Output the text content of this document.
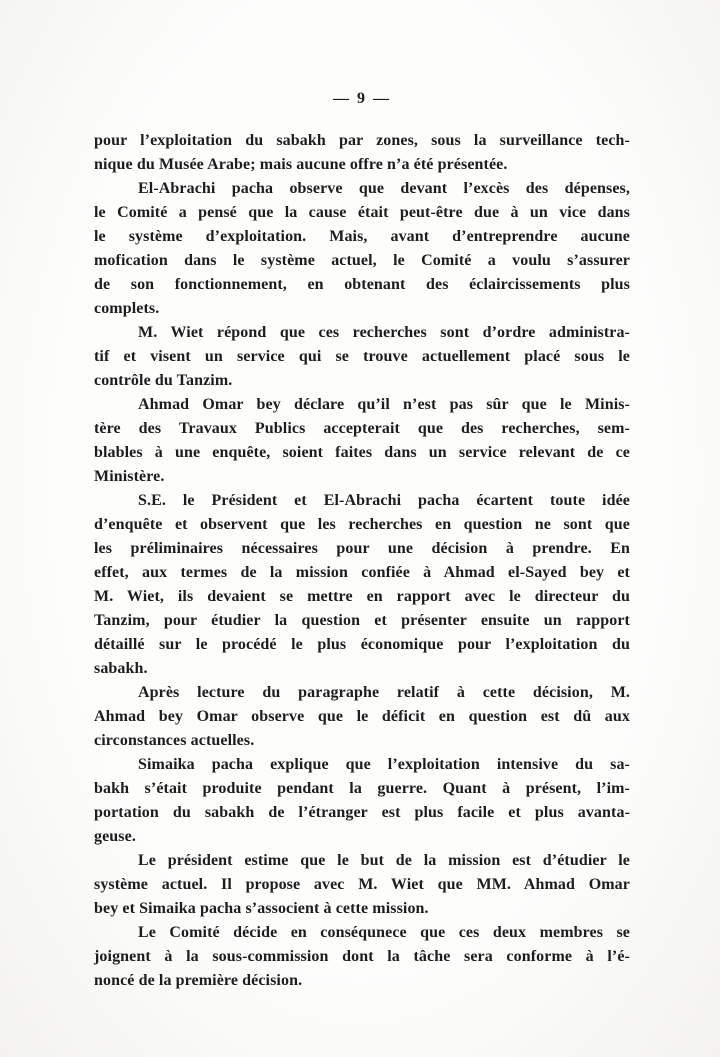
— 9 —
pour l’exploitation du sabakh par zones, sous la surveillance tech-
nique du Musée Arabe; mais aucune offre n’a été présentée.
El-Abrachi pacha observe que devant l’excès des dépenses,
le Comité a pensé que la cause était peut-être due à un vice dans
le système d’exploitation. Mais, avant d’entreprendre aucune
mofication dans le système actuel, le Comité a voulu s’assurer
de son fonctionnement, en obtenant des éclaircissements plus
complets.
M. Wiet répond que ces recherches sont d’ordre administra-
tif et visent un service qui se trouve actuellement placé sous le
contrôle du Tanzim.
Ahmad Omar bey déclare qu’il n’est pas sûr que le Minis-
tère des Travaux Publics accepterait que des recherches, sem-
blables à une enquête, soient faites dans un service relevant de ce
Ministère.
S.E. le Président et El-Abrachi pacha écartent toute idée
d’enquête et observent que les recherches en question ne sont que
les préliminaires nécessaires pour une décision à prendre. En
effet, aux termes de la mission confiée à Ahmad el-Sayed bey et
M. Wiet, ils devaient se mettre en rapport avec le directeur du
Tanzim, pour étudier la question et présenter ensuite un rapport
détaillé sur le procédé le plus économique pour l’exploitation du
sabakh.
Après lecture du paragraphe relatif à cette décision, M.
Ahmad bey Omar observe que le déficit en question est dû aux
circonstances actuelles.
Simaika pacha explique que l’exploitation intensive du sa-
bakh s’était produite pendant la guerre. Quant à présent, l’im-
portation du sabakh de l’étranger est plus facile et plus avanta-
geuse.
Le président estime que le but de la mission est d’étudier le
système actuel. Il propose avec M. Wiet que MM. Ahmad Omar
bey et Simaika pacha s’associent à cette mission.
Le Comité décide en conséqunece que ces deux membres se
joignent à la sous-commission dont la tâche sera conforme à l’é-
noncé de la première décision.
